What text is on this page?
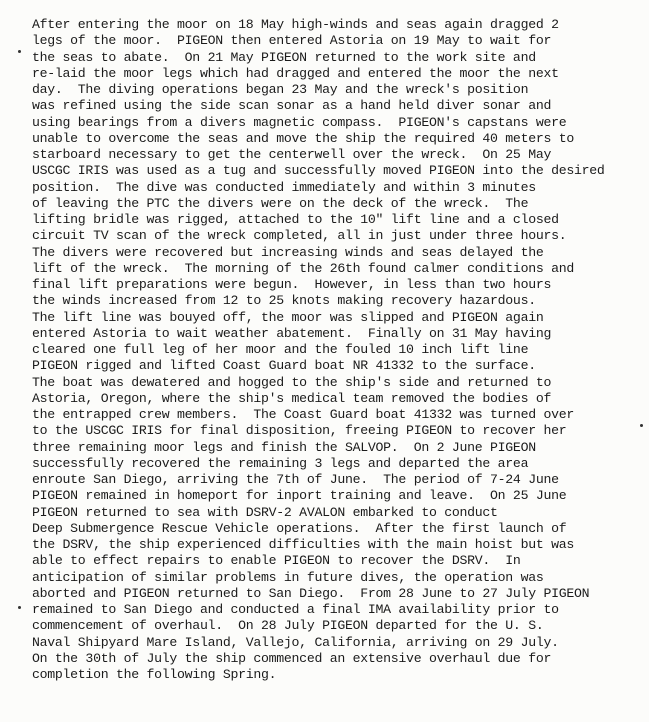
After entering the moor on 18 May high-winds and seas again dragged 2
legs of the moor.  PIGEON then entered Astoria on 19 May to wait for
the seas to abate.  On 21 May PIGEON returned to the work site and
re-laid the moor legs which had dragged and entered the moor the next
day.  The diving operations began 23 May and the wreck's position
was refined using the side scan sonar as a hand held diver sonar and
using bearings from a divers magnetic compass.  PIGEON's capstans were
unable to overcome the seas and move the ship the required 40 meters to
starboard necessary to get the centerwell over the wreck.  On 25 May
USCGC IRIS was used as a tug and successfully moved PIGEON into the desired
position.  The dive was conducted immediately and within 3 minutes
of leaving the PTC the divers were on the deck of the wreck.  The
lifting bridle was rigged, attached to the 10" lift line and a closed
circuit TV scan of the wreck completed, all in just under three hours.
The divers were recovered but increasing winds and seas delayed the
lift of the wreck.  The morning of the 26th found calmer conditions and
final lift preparations were begun.  However, in less than two hours
the winds increased from 12 to 25 knots making recovery hazardous.
The lift line was bouyed off, the moor was slipped and PIGEON again
entered Astoria to wait weather abatement.  Finally on 31 May having
cleared one full leg of her moor and the fouled 10 inch lift line
PIGEON rigged and lifted Coast Guard boat NR 41332 to the surface.
The boat was dewatered and hogged to the ship's side and returned to
Astoria, Oregon, where the ship's medical team removed the bodies of
the entrapped crew members.  The Coast Guard boat 41332 was turned over
to the USCGC IRIS for final disposition, freeing PIGEON to recover her
three remaining moor legs and finish the SALVOP.  On 2 June PIGEON
successfully recovered the remaining 3 legs and departed the area
enroute San Diego, arriving the 7th of June.  The period of 7-24 June
PIGEON remained in homeport for inport training and leave.  On 25 June
PIGEON returned to sea with DSRV-2 AVALON embarked to conduct
Deep Submergence Rescue Vehicle operations.  After the first launch of
the DSRV, the ship experienced difficulties with the main hoist but was
able to effect repairs to enable PIGEON to recover the DSRV.  In
anticipation of similar problems in future dives, the operation was
aborted and PIGEON returned to San Diego.  From 28 June to 27 July PIGEON
remained to San Diego and conducted a final IMA availability prior to
commencement of overhaul.  On 28 July PIGEON departed for the U. S.
Naval Shipyard Mare Island, Vallejo, California, arriving on 29 July.
On the 30th of July the ship commenced an extensive overhaul due for
completion the following Spring.
